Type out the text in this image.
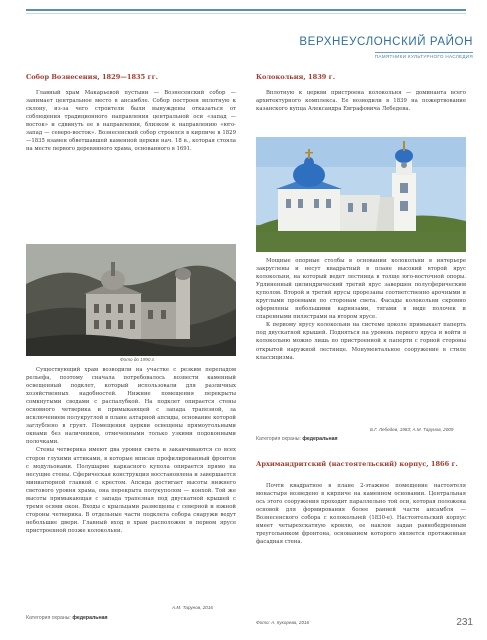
ВЕРХНЕУСЛОНСКИЙ РАЙОН
ПАМЯТНИКИ КУЛЬТУРНОГО НАСЛЕДИЯ
Собор Вознесения, 1829—1835 гг.

Главный храм Макарьевой пустыни — Вознесенский собор — занимает центральное место в ансамбле. Собор построен вплотную к склону, из-за чего строители были вынуждены отказаться от соблюдения традиционного направления центральной оси «запад — восток» и сдвинуть ее в направлении, близком к направлению «юго-запад — северо-восток». Вознесенский собор строился в кирпиче в 1829—1835 взамен обветшавшей каменной церкви нач. 18 в., которая стояла на месте первого деревянного храма, основанного в 1691.

Фото до 1990 г.

Существующий храм возводили на участке с резким перепадом рельефа, поэтому сначала потребовалось возвести каменный освещенный подклет, который использовали для различных хозяйственных надобностей. Нижние помещения перекрыты сомкнутыми сводами с распалубкой. На подклет опирается стены основного четверика и примыкающей с запада трапезной, за исключением полукруглой в плане алтарной апсиды, основание которой заглублено в грунт. Помещения церкви освещены прямоугольными окнами без наличников, отмеченными только узкими подоконными полочками.

Стены четверика имеют два уровня света и заканчиваются со всех сторон глухими аттиками, в которые вписан профилированный фронтон с модульонами. Полушарие каркасного купола опирается прямо на несущие стены. Сферическая конструкция восстановлена и завершается миниатюрной главкой с крестом. Апсида достигает высоты нижнего светового уровня храма, она перекрыта полукуполом — конхой. Той же высоты примыкающая с запада трапезная под двускатной крышей с тремя осями окон. Входы с крыльцами размещены с северной и южной стороны четверика. В отдельные части подклета собора снаружи ведут небольшие двери. Главный вход в храм расположен в первом ярусе пристроенной позже колокольни.

А.М. Тарунов, 2016
Категория охраны: федеральная
Колокольня, 1839 г.

Вплотную к церкви пристроена колокольня — доминанта всего архитектурного комплекса. Ее возводили в 1839 на пожертвование казанского купца Александра Евграфовича Лебедева.

Мощные опорные столбы в основании колокольни в интерьере закруглены и несут квадратный в плане высокий второй ярус колокольни, на который ведет лестница в толще юго-восточной опоры. Удлиненный цилиндрический третий ярус завершен полусферическим куполом. Второй и третий ярусы прорезаны соответственно арочными и круглыми проемами по сторонам света. Фасады колокольни скромно оформлены небольшими карнизами, тягами в виде полочек и спаренными пилястрами на втором ярусе.

К первому ярусу колокольни на системе цоколе примыкает паперть под двускатной крышей. Подняться на уровень первого яруса и войти в колокольню можно лишь по пристроенной к паперти с горной стороны открытой наружной лестнице. Монументальное сооружение в стиле классицизма.

Б.Г. Лебедев, 1983; А.М. Тарунов, 2009
Категория охраны: федеральная
Архимандритский (настоятельский) корпус, 1866 г.

Почти квадратное в плане 2-этажное помещение настоятеля монастыря возведено в кирпиче на каменном основании. Центральная ось этого сооружения проходит параллельно той оси, которая положена основой для формирования более ранней части ансамбля — Вознесенского собора с колокольней (1830-е). Настоятельский корпус имеет четырехскатную кровлю, ее наклон задан равнобедренным треугольником фронтона, основанием которого является протяженная фасадная стена.

Фото: А. Кукорева, 2016	231
